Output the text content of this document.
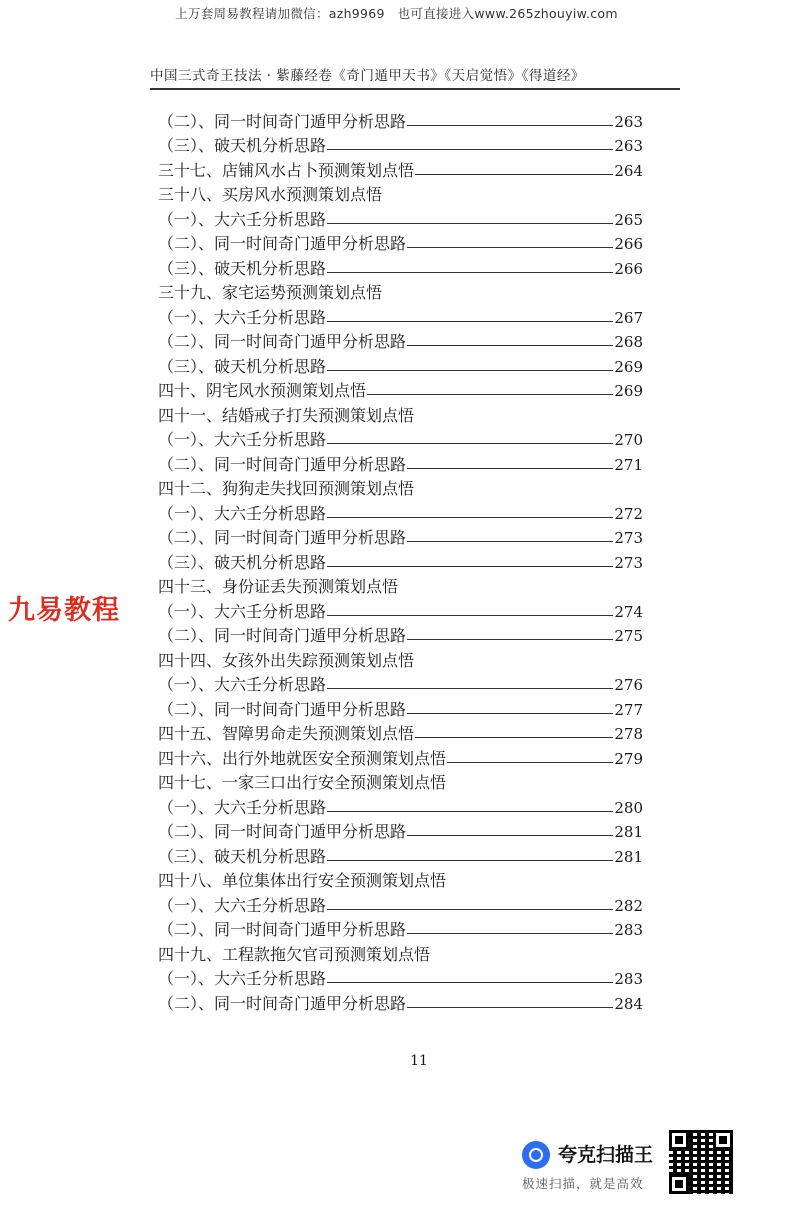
上万套周易教程请加微信：azh9969　也可直接进入www.265zhouyiw.com
中国三式奇王技法 · 紫藤经卷《奇门遁甲天书》《天启觉悟》《得道经》
（二）、同一时间奇门遁甲分析思路	263
（三）、破天机分析思路	263
三十七、店铺风水占卜预测策划点悟	264
三十八、买房风水预测策划点悟
（一）、大六壬分析思路	265
（二）、同一时间奇门遁甲分析思路	266
（三）、破天机分析思路	266
三十九、家宅运势预测策划点悟
（一）、大六壬分析思路	267
（二）、同一时间奇门遁甲分析思路	268
（三）、破天机分析思路	269
四十、阴宅风水预测策划点悟	269
四十一、结婚戒子打失预测策划点悟
（一）、大六壬分析思路	270
（二）、同一时间奇门遁甲分析思路	271
四十二、狗狗走失找回预测策划点悟
（一）、大六壬分析思路	272
（二）、同一时间奇门遁甲分析思路	273
（三）、破天机分析思路	273
四十三、身份证丢失预测策划点悟
（一）、大六壬分析思路	274
（二）、同一时间奇门遁甲分析思路	275
四十四、女孩外出失踪预测策划点悟
（一）、大六壬分析思路	276
（二）、同一时间奇门遁甲分析思路	277
四十五、智障男命走失预测策划点悟	278
四十六、出行外地就医安全预测策划点悟	279
四十七、一家三口出行安全预测策划点悟
（一）、大六壬分析思路	280
（二）、同一时间奇门遁甲分析思路	281
（三）、破天机分析思路	281
四十八、单位集体出行安全预测策划点悟
（一）、大六壬分析思路	282
（二）、同一时间奇门遁甲分析思路	283
四十九、工程款拖欠官司预测策划点悟
（一）、大六壬分析思路	283
（二）、同一时间奇门遁甲分析思路	284
九易教程
11
夸克扫描王
极速扫描，就是高效
